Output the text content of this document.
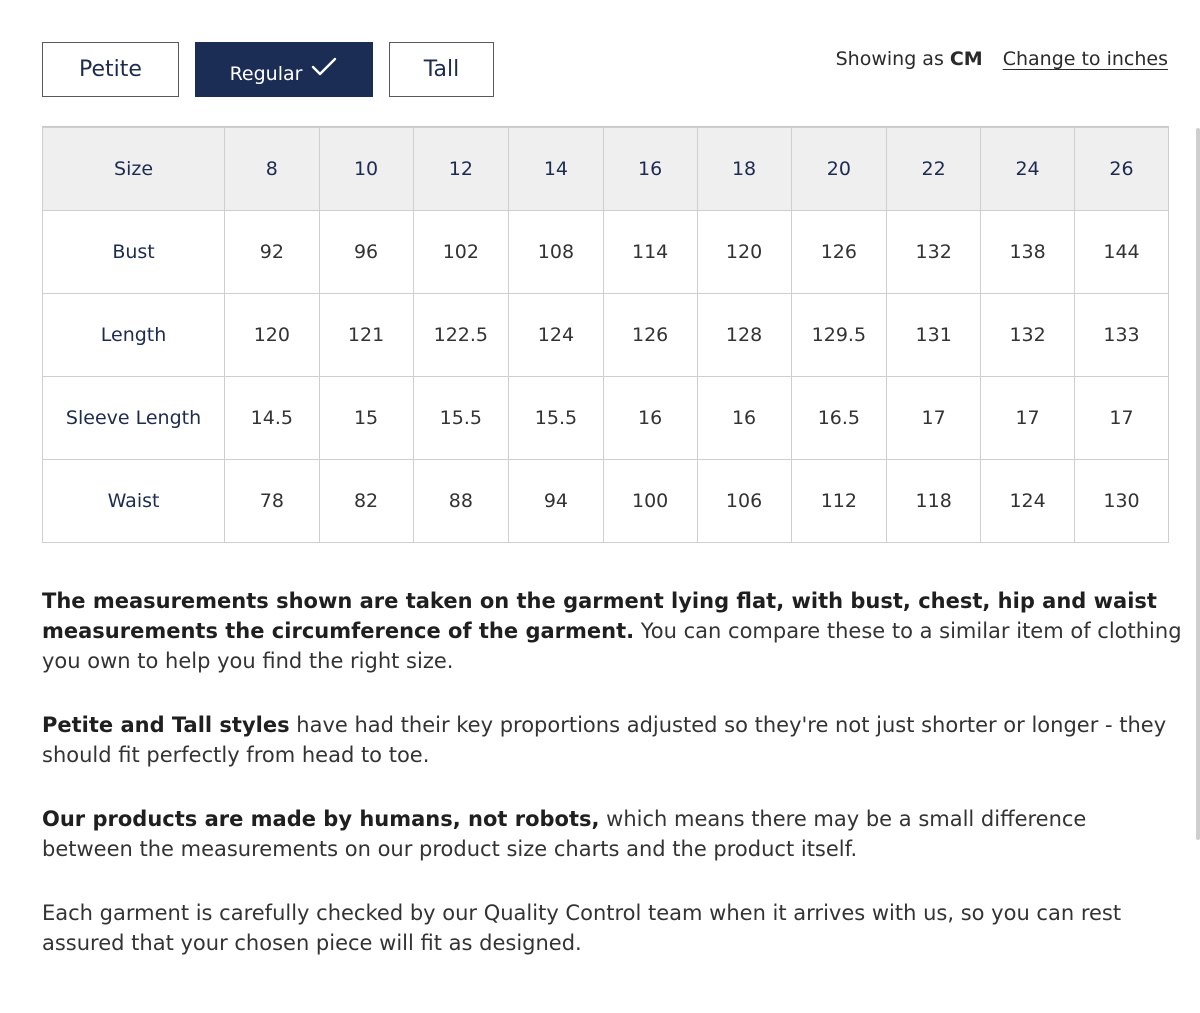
Petite	Regular	Tall	Showing as CM Change to inches
Size	8	10	12	14	16	18	20	22	24	26
Bust	92	96	102	108	114	120	126	132	138	144
Length	120	121	122.5	124	126	128	129.5	131	132	133
Sleeve Length	14.5	15	15.5	15.5	16	16	16.5	17	17	17
Waist	78	82	88	94	100	106	112	118	124	130

The measurements shown are taken on the garment lying flat, with bust, chest, hip and waist measurements the circumference of the garment. You can compare these to a similar item of clothing you own to help you find the right size.

Petite and Tall styles have had their key proportions adjusted so they're not just shorter or longer - they should fit perfectly from head to toe.

Our products are made by humans, not robots, which means there may be a small difference between the measurements on our product size charts and the product itself.

Each garment is carefully checked by our Quality Control team when it arrives with us, so you can rest assured that your chosen piece will fit as designed.
